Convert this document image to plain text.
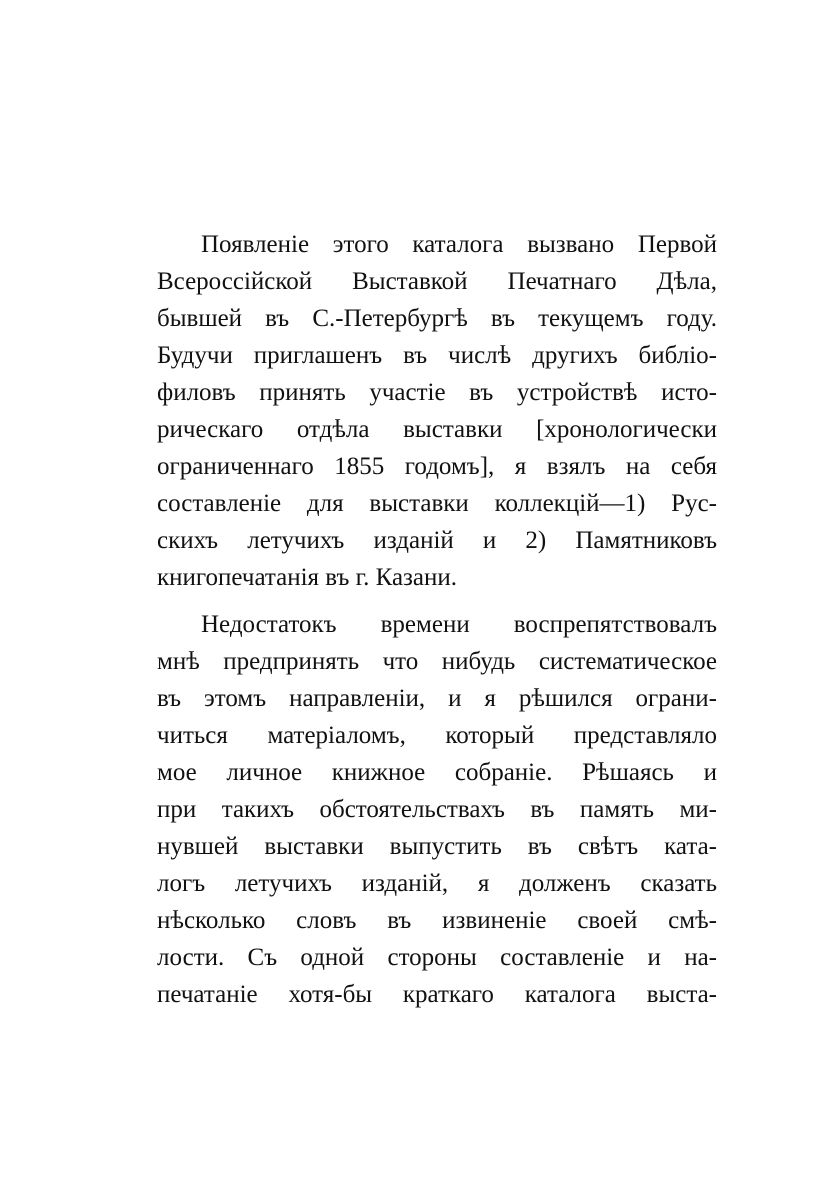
Появленіе этого каталога вызвано Первой
Всероссійской Выставкой Печатнаго Дѣла,
бывшей въ С.-Петербургѣ въ текущемъ году.
Будучи приглашенъ въ числѣ другихъ библіо-
филовъ принять участіе въ устройствѣ исто-
рическаго отдѣла выставки [хронологически
ограниченнаго 1855 годомъ], я взялъ на себя
составленіе для выставки коллекцій—1) Рус-
скихъ летучихъ изданій и 2) Памятниковъ
книгопечатанія въ г. Казани.

Недостатокъ времени воспрепятствовалъ
мнѣ предпринять что нибудь систематическое
въ этомъ направленіи, и я рѣшился ограни-
читься матеріаломъ, который представляло
мое личное книжное собраніе. Рѣшаясь и
при такихъ обстоятельствахъ въ память ми-
нувшей выставки выпустить въ свѣтъ ката-
логъ летучихъ изданій, я долженъ сказать
нѣсколько словъ въ извиненіе своей смѣ-
лости. Съ одной стороны составленіе и на-
печатаніе хотя-бы краткаго каталога выста-
